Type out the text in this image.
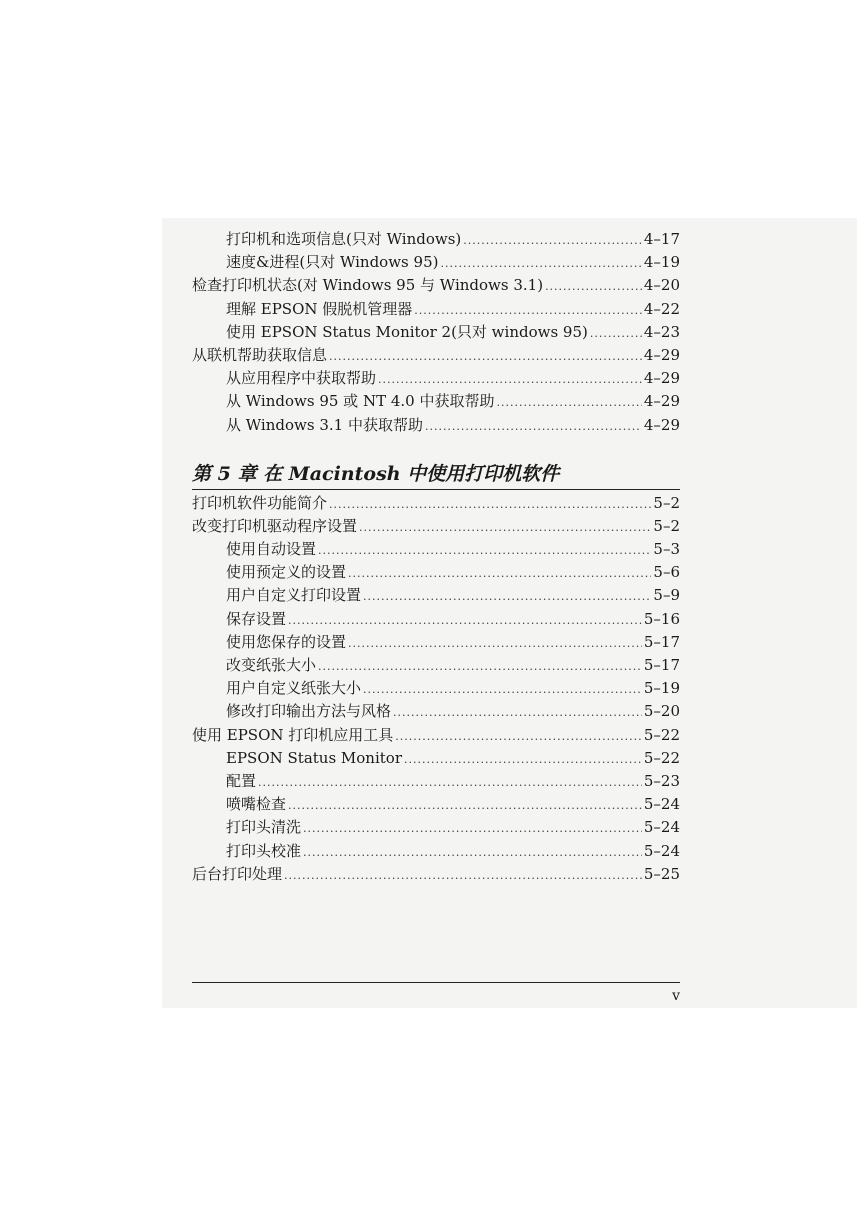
打印机和选项信息(只对 Windows) .....	4–17
速度&进程(只对 Windows 95) .....	4–19
检查打印机状态(对 Windows 95 与 Windows 3.1) .....	4–20
理解 EPSON 假脱机管理器 .....	4–22
使用 EPSON Status Monitor 2(只对 windows 95) .....	4–23
从联机帮助获取信息 .....	4–29
从应用程序中获取帮助 .....	4–29
从 Windows 95 或 NT 4.0 中获取帮助 .....	4–29
从 Windows 3.1 中获取帮助 .....	4–29
第 5 章 在 Macintosh 中使用打印机软件
打印机软件功能简介 .....	5–2
改变打印机驱动程序设置 .....	5–2
使用自动设置 .....	5–3
使用预定义的设置 .....	5–6
用户自定义打印设置 .....	5–9
保存设置 .....	5–16
使用您保存的设置 .....	5–17
改变纸张大小 .....	5–17
用户自定义纸张大小 .....	5–19
修改打印输出方法与风格 .....	5–20
使用 EPSON 打印机应用工具 .....	5–22
EPSON Status Monitor .....	5–22
配置 .....	5–23
喷嘴检查 .....	5–24
打印头清洗 .....	5–24
打印头校准 .....	5–24
后台打印处理 .....	5–25
v
